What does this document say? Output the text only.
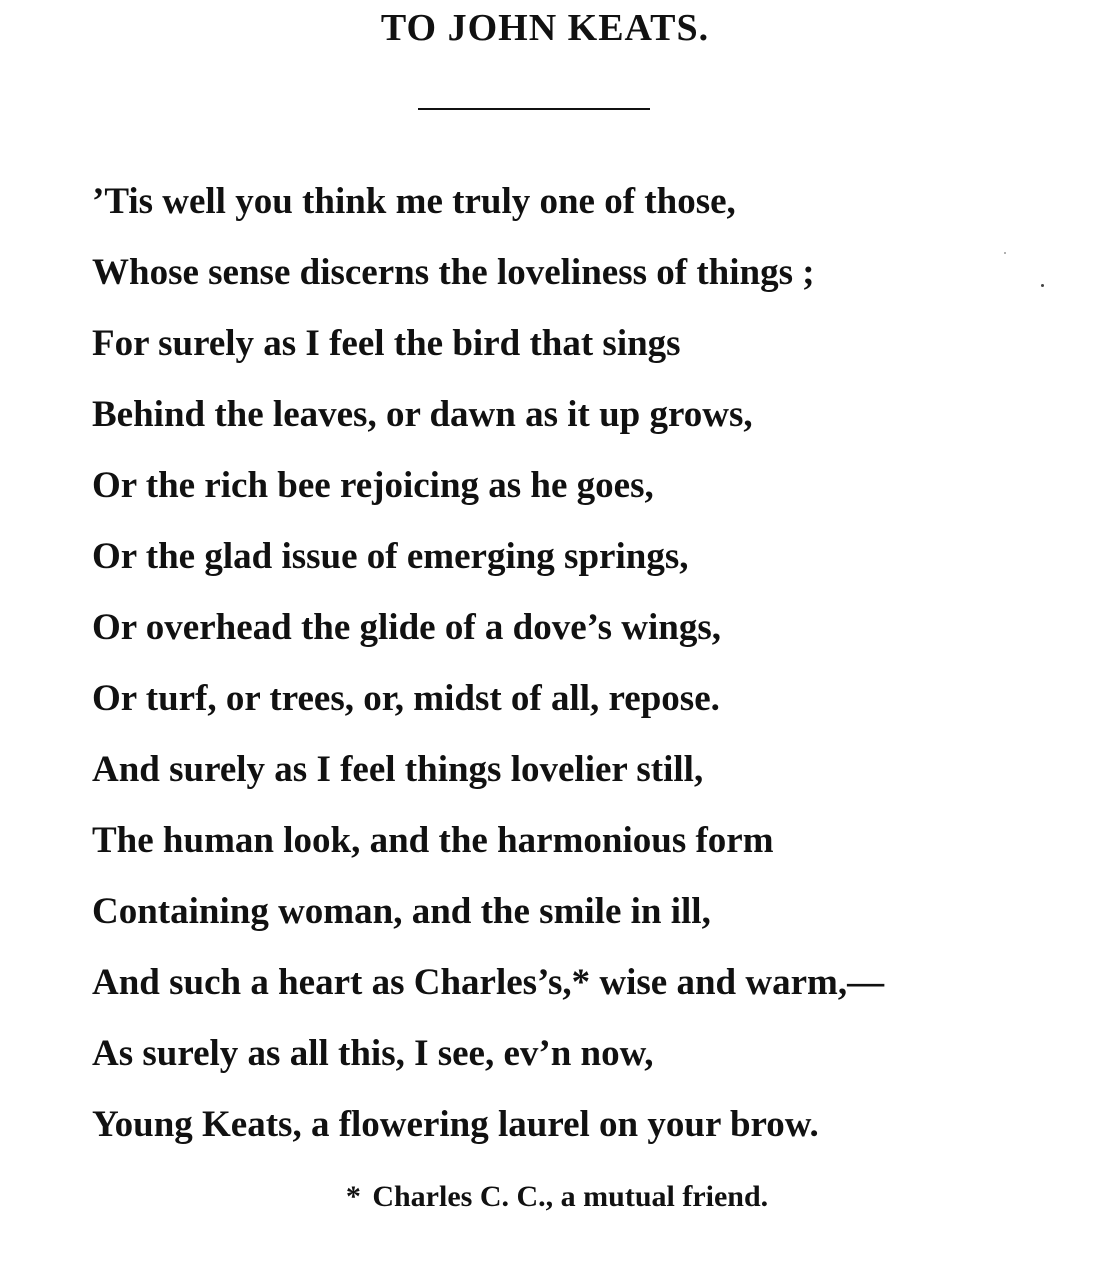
TO JOHN KEATS.
’Tis well you think me truly one of those,
Whose sense discerns the loveliness of things ;
For surely as I feel the bird that sings
Behind the leaves, or dawn as it up grows,
Or the rich bee rejoicing as he goes,
Or the glad issue of emerging springs,
Or overhead the glide of a dove’s wings,
Or turf, or trees, or, midst of all, repose.
And surely as I feel things lovelier still,
The human look, and the harmonious form
Containing woman, and the smile in ill,
And such a heart as Charles’s,* wise and warm,—
As surely as all this, I see, ev’n now,
Young Keats, a flowering laurel on your brow.
* Charles C. C., a mutual friend.
